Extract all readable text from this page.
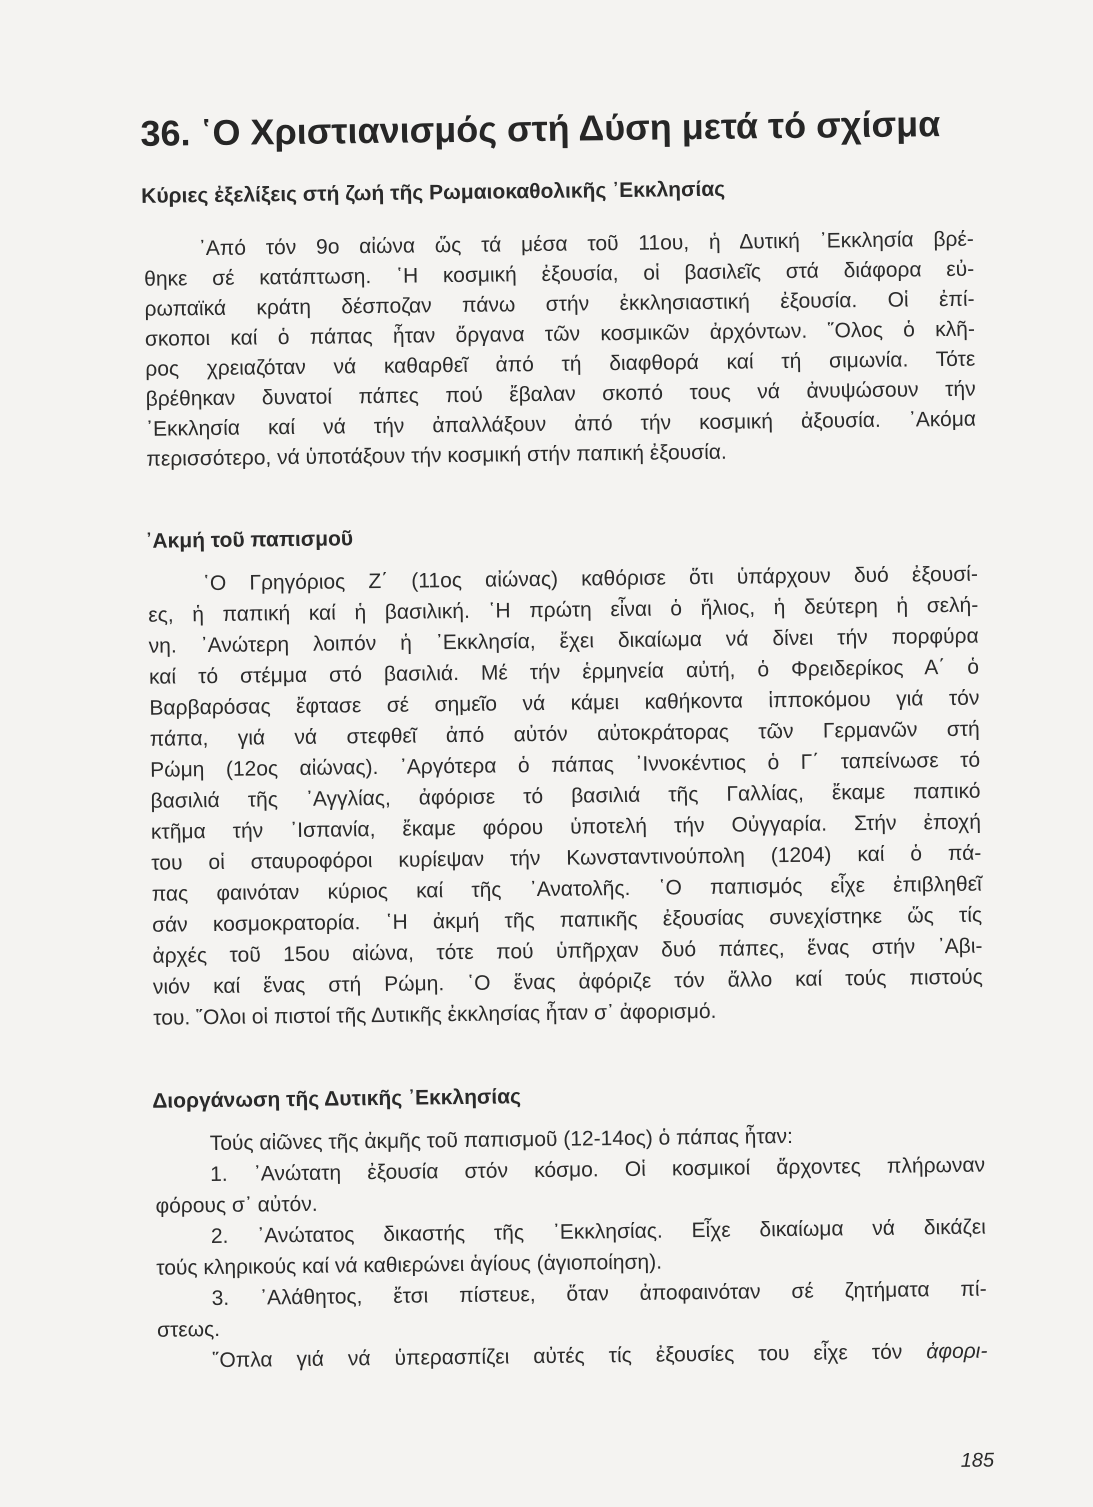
36. ῾Ο Χριστιανισμός στή Δύση μετά τό σχίσμα
Κύριες ἐξελίξεις στή ζωή τῆς Ρωμαιοκαθολικῆς ᾿Εκκλησίας

᾿Από τόν 9ο αἰώνα ὥς τά μέσα τοῦ 11ου, ἡ Δυτική ᾿Εκκλησία βρέ-

θηκε σέ κατάπτωση. ῾Η κοσμική ἐξουσία, οἱ βασιλεῖς στά διάφορα εὐ-

ρωπαϊκά κράτη δέσποζαν πάνω στήν ἐκκλησιαστική ἐξουσία. Οἱ ἐπί-

σκοποι καί ὁ πάπας ἦταν ὄργανα τῶν κοσμικῶν ἀρχόντων. ῞Ολος ὁ κλῆ-

ρος χρειαζόταν νά καθαρθεῖ ἀπό τή διαφθορά καί τή σιμωνία. Τότε

βρέθηκαν δυνατοί πάπες πού ἔβαλαν σκοπό τους νά ἀνυψώσουν τήν

᾿Εκκλησία καί νά τήν ἀπαλλάξουν ἀπό τήν κοσμική ἀξουσία. ᾿Ακόμα

περισσότερο, νά ὑποτάξουν τήν κοσμική στήν παπική ἐξουσία.

᾿Ακμή τοῦ παπισμοῦ

῾Ο Γρηγόριος Ζ΄ (11ος αἰώνας) καθόρισε ὅτι ὑπάρχουν δυό ἐξουσί-

ες, ἡ παπική καί ἡ βασιλική. ῾Η πρώτη εἶναι ὁ ἥλιος, ἡ δεύτερη ἡ σελή-

νη. ᾿Ανώτερη λοιπόν ἡ ᾿Εκκλησία, ἔχει δικαίωμα νά δίνει τήν πορφύρα

καί τό στέμμα στό βασιλιά. Μέ τήν ἑρμηνεία αὐτή, ὁ Φρειδερίκος Α΄ ὁ

Βαρβαρόσας ἔφτασε σέ σημεῖο νά κάμει καθήκοντα ἱπποκόμου γιά τόν

πάπα, γιά νά στεφθεῖ ἀπό αὐτόν αὐτοκράτορας τῶν Γερμανῶν στή

Ρώμη (12ος αἰώνας). ᾿Αργότερα ὁ πάπας ᾿Ιννοκέντιος ὁ Γ΄ ταπείνωσε τό

βασιλιά τῆς ᾿Αγγλίας, ἀφόρισε τό βασιλιά τῆς Γαλλίας, ἔκαμε παπικό

κτῆμα τήν ᾿Ισπανία, ἔκαμε φόρου ὑποτελή τήν Οὐγγαρία. Στήν ἐποχή

του οἱ σταυροφόροι κυρίεψαν τήν Κωνσταντινούπολη (1204) καί ὁ πά-

πας φαινόταν κύριος καί τῆς ᾿Ανατολῆς. ῾Ο παπισμός εἶχε ἐπιβληθεῖ

σάν κοσμοκρατορία. ῾Η ἀκμή τῆς παπικῆς ἐξουσίας συνεχίστηκε ὥς τίς

ἀρχές τοῦ 15ου αἰώνα, τότε πού ὑπῆρχαν δυό πάπες, ἕνας στήν ᾿Αβι-

νιόν καί ἕνας στή Ρώμη. ῾Ο ἕνας ἀφόριζε τόν ἄλλο καί τούς πιστούς

του. ῞Ολοι οἱ πιστοί τῆς Δυτικῆς ἐκκλησίας ἦταν σ᾿ ἀφορισμό.

Διοργάνωση τῆς Δυτικῆς ᾿Εκκλησίας

Τούς αἰῶνες τῆς ἀκμῆς τοῦ παπισμοῦ (12-14ος) ὁ πάπας ἦταν:

1. ᾿Ανώτατη ἐξουσία στόν κόσμο. Οἱ κοσμικοί ἄρχοντες πλήρωναν

φόρους σ᾿ αὐτόν.

2. ᾿Ανώτατος δικαστής τῆς ᾿Εκκλησίας. Εἶχε δικαίωμα νά δικάζει

τούς κληρικούς καί νά καθιερώνει ἁγίους (ἁγιοποίηση).

3. ᾿Αλάθητος, ἔτσι πίστευε, ὅταν ἀποφαινόταν σέ ζητήματα πί-

στεως.

῞Οπλα γιά νά ὑπερασπίζει αὐτές τίς ἐξουσίες του εἶχε τόν ἀφορι-

185
